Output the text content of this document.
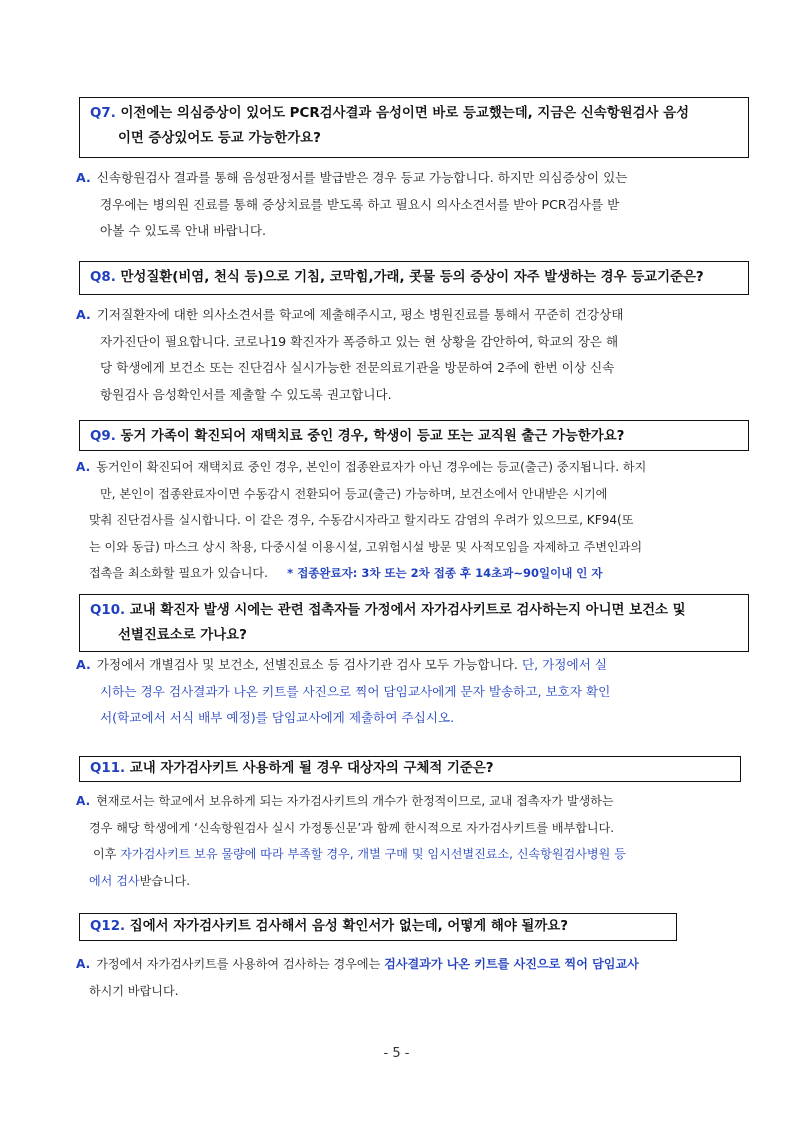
Q7. 이전에는 의심증상이 있어도 PCR검사결과 음성이면 바로 등교했는데, 지금은 신속항원검사 음성

이면 증상있어도 등교 가능한가요?
A. 신속항원검사 결과를 통해 음성판정서를 발급받은 경우 등교 가능합니다. 하지만 의심증상이 있는
경우에는 병의원 진료를 통해 증상치료를 받도록 하고 필요시 의사소견서를 받아 PCR검사를 받
아볼 수 있도록 안내 바랍니다.
Q8. 만성질환(비염, 천식 등)으로 기침, 코막힘,가래, 콧물 등의 증상이 자주 발생하는 경우 등교기준은?
A. 기저질환자에 대한 의사소견서를 학교에 제출해주시고, 평소 병원진료를 통해서 꾸준히 건강상태
자가진단이 필요합니다. 코로나19 확진자가 폭증하고 있는 현 상황을 감안하여, 학교의 장은 해
당 학생에게 보건소 또는 진단검사 실시가능한 전문의료기관을 방문하여 2주에 한번 이상 신속
항원검사 음성확인서를 제출할 수 있도록 권고합니다.
Q9. 동거 가족이 확진되어 재택치료 중인 경우, 학생이 등교 또는 교직원 출근 가능한가요?
A. 동거인이 확진되어 재택치료 중인 경우, 본인이 접종완료자가 아닌 경우에는 등교(출근) 중지됩니다. 하지
만, 본인이 접종완료자이면 수동감시 전환되어 등교(출근) 가능하며, 보건소에서 안내받은 시기에
맞춰 진단검사를 실시합니다. 이 같은 경우, 수동감시자라고 할지라도 감염의 우려가 있으므로, KF94(또
는 이와 동급) 마스크 상시 착용, 다중시설 이용시설, 고위험시설 방문 및 사적모임을 자제하고 주변인과의
접촉을 최소화할 필요가 있습니다. * 접종완료자: 3차 또는 2차 접종 후 14초과~90일이내 인 자
Q10. 교내 확진자 발생 시에는 관련 접촉자들 가정에서 자가검사키트로 검사하는지 아니면 보건소 및

선별진료소로 가나요?
A. 가정에서 개별검사 및 보건소, 선별진료소 등 검사기관 검사 모두 가능합니다. 단, 가정에서 실
시하는 경우 검사결과가 나온 키트를 사진으로 찍어 담임교사에게 문자 발송하고, 보호자 확인
서(학교에서 서식 배부 예정)를 담임교사에게 제출하여 주십시오.
Q11. 교내 자가검사키트 사용하게 될 경우 대상자의 구체적 기준은?
A. 현재로서는 학교에서 보유하게 되는 자가검사키트의 개수가 한정적이므로, 교내 접촉자가 발생하는
경우 해당 학생에게 ‘신속항원검사 실시 가정통신문’과 함께 한시적으로 자가검사키트를 배부합니다.
이후 자가검사키트 보유 물량에 따라 부족할 경우, 개별 구매 및 임시선별진료소, 신속항원검사병원 등
에서 검사받습니다.
Q12. 집에서 자가검사키트 검사해서 음성 확인서가 없는데, 어떻게 해야 될까요?
A. 가정에서 자가검사키트를 사용하여 검사하는 경우에는 검사결과가 나온 키트를 사진으로 찍어 담임교사
하시기 바랍니다.
- 5 -
